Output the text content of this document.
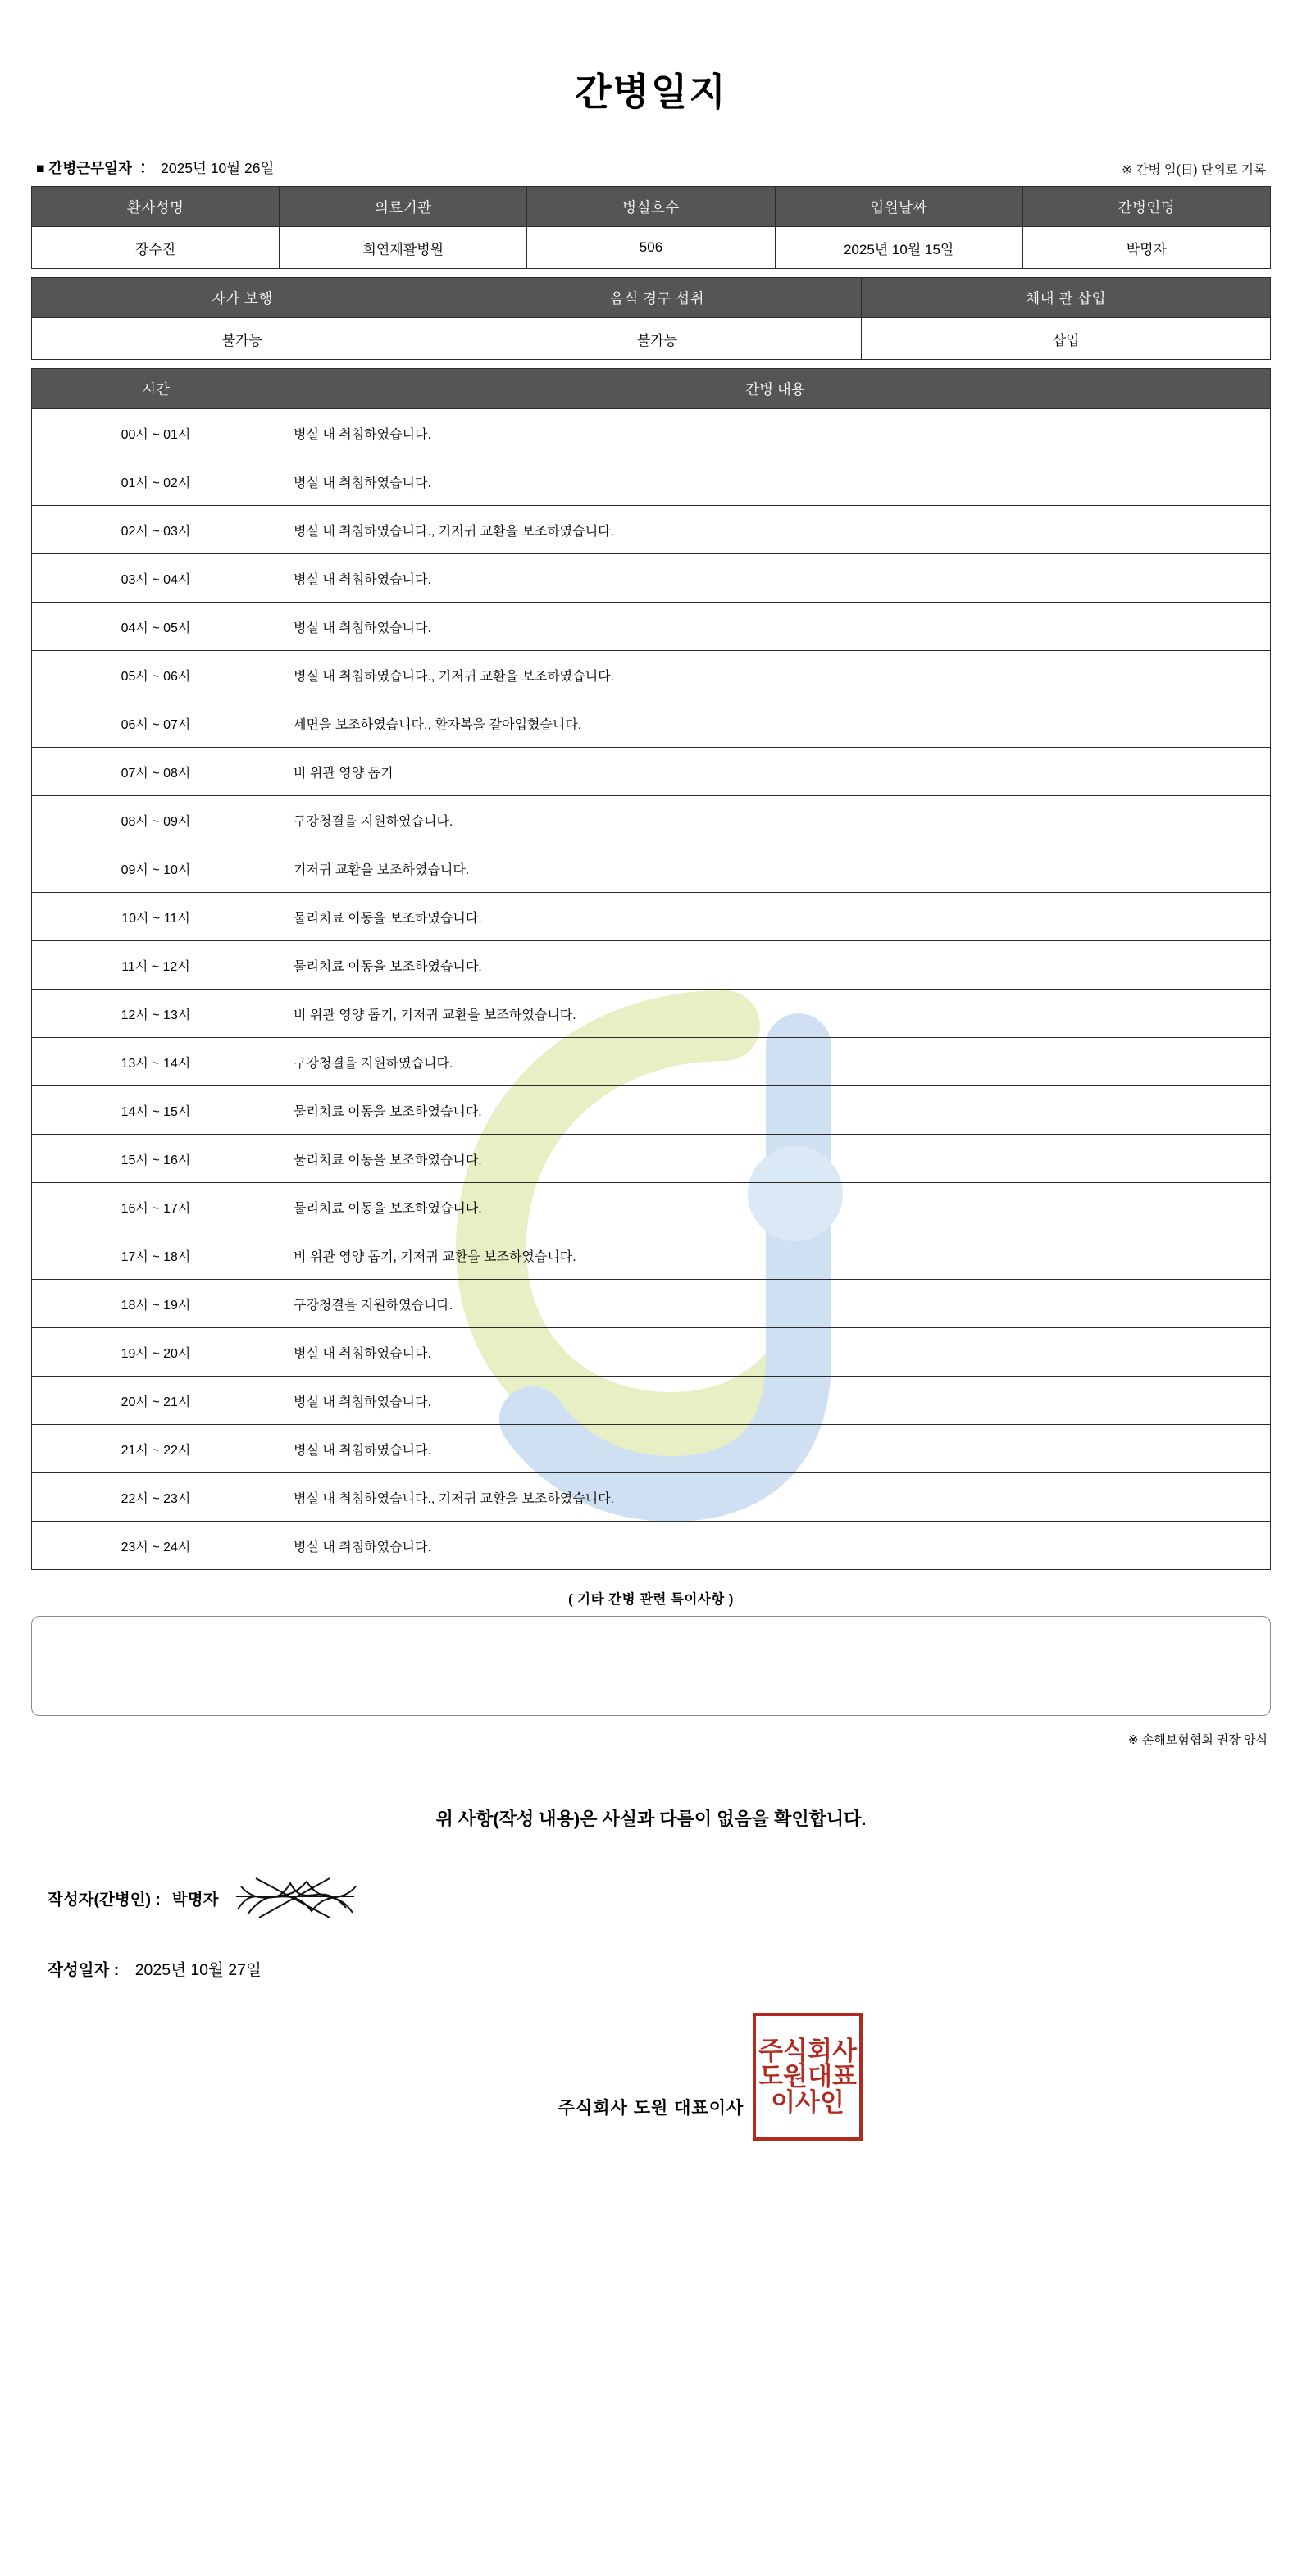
간병일지
■ 간병근무일자 ： 2025년 10월 26일	※ 간병 일(日) 단위로 기록
환자성명	의료기관	병실호수	입원날짜	간병인명
장수진	희연재활병원	506	2025년 10월 15일	박명자
자가 보행	음식 경구 섭취	체내 관 삽입
불가능	불가능	삽입
시간	간병 내용
00시 ~ 01시	병실 내 취침하였습니다.
01시 ~ 02시	병실 내 취침하였습니다.
02시 ~ 03시	병실 내 취침하였습니다., 기저귀 교환을 보조하였습니다.
03시 ~ 04시	병실 내 취침하였습니다.
04시 ~ 05시	병실 내 취침하였습니다.
05시 ~ 06시	병실 내 취침하였습니다., 기저귀 교환을 보조하였습니다.
06시 ~ 07시	세면을 보조하였습니다., 환자복을 갈아입혔습니다.
07시 ~ 08시	비 위관 영양 돕기
08시 ~ 09시	구강청결을 지원하였습니다.
09시 ~ 10시	기저귀 교환을 보조하였습니다.
10시 ~ 11시	물리치료 이동을 보조하였습니다.
11시 ~ 12시	물리치료 이동을 보조하였습니다.
12시 ~ 13시	비 위관 영양 돕기, 기저귀 교환을 보조하였습니다.
13시 ~ 14시	구강청결을 지원하였습니다.
14시 ~ 15시	물리치료 이동을 보조하였습니다.
15시 ~ 16시	물리치료 이동을 보조하였습니다.
16시 ~ 17시	물리치료 이동을 보조하였습니다.
17시 ~ 18시	비 위관 영양 돕기, 기저귀 교환을 보조하였습니다.
18시 ~ 19시	구강청결을 지원하였습니다.
19시 ~ 20시	병실 내 취침하였습니다.
20시 ~ 21시	병실 내 취침하였습니다.
21시 ~ 22시	병실 내 취침하였습니다.
22시 ~ 23시	병실 내 취침하였습니다., 기저귀 교환을 보조하였습니다.
23시 ~ 24시	병실 내 취침하였습니다.
( 기타 간병 관련 특이사항 )
※ 손해보험협회 권장 양식
위 사항(작성 내용)은 사실과 다름이 없음을 확인합니다.
작성자(간병인) : 박명자
작성일자 : 2025년 10월 27일
주식회사 도원 대표이사
주식회사
도원대표
이사인
